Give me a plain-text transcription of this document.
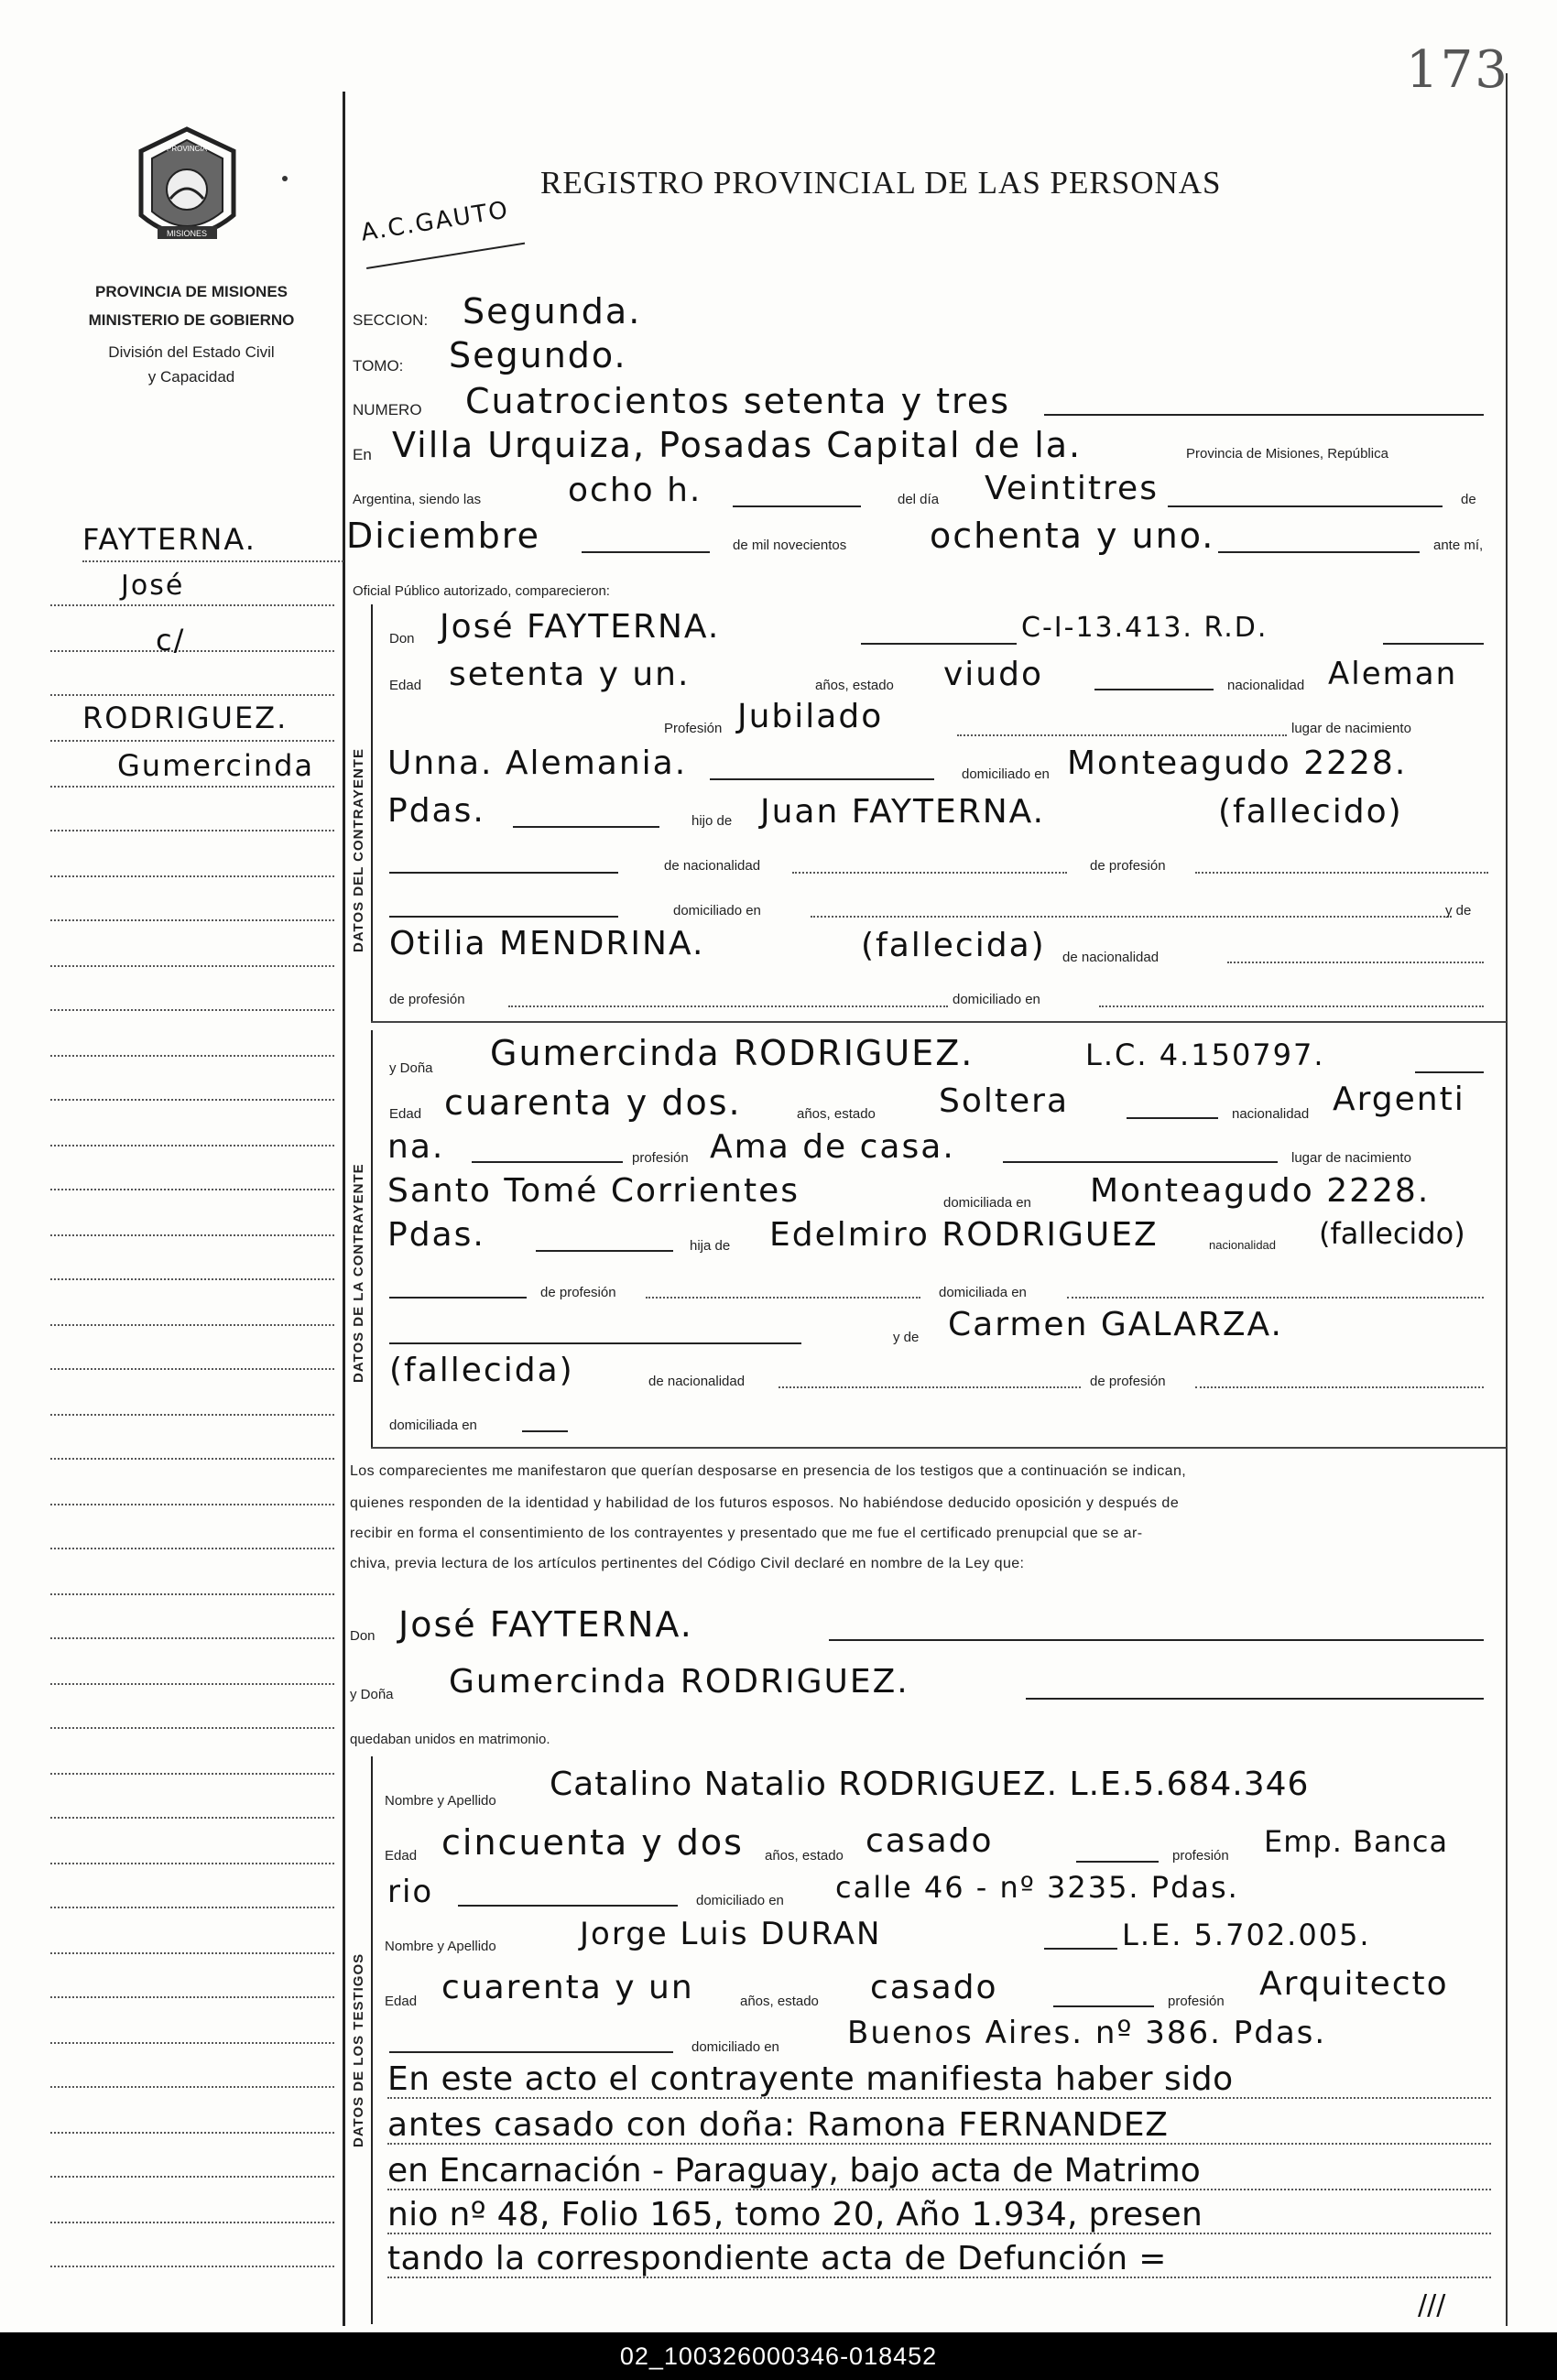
173
PROVINCIA
MISIONES
PROVINCIA DE MISIONES
MINISTERIO DE GOBIERNO
División del Estado Civil
y Capacidad
REGISTRO PROVINCIAL DE LAS PERSONAS
A.C.GAUTO
FAYTERNA.
José
c/
RODRIGUEZ.
Gumercinda
SECCION: Segunda.
TOMO: Segundo.
NUMERO Cuatrocientos setenta y tres
En Villa Urquiza, Posadas Capital de la.	Provincia de Misiones, República
Argentina, siendo las	ocho h.	del día Veintitres	de
Diciembre	de mil novecientos ochenta y uno.	ante mí,
Oficial Público autorizado, comparecieron:
DATOS DEL CONTRAYENTE
Don José FAYTERNA.	C-I-13.413. R.D.
Edad setenta y un.	años, estado viudo	nacionalidad Aleman
Profesión Jubilado	lugar de nacimiento
Unna. Alemania.	domiciliado en Monteagudo 2228.
Pdas.	hijo de Juan FAYTERNA.	(fallecido)
de nacionalidad	de profesión
domiciliado en	y de
Otilia MENDRINA.	(fallecida) de nacionalidad
de profesión	domiciliado en
DATOS DE LA CONTRAYENTE
y Doña Gumercinda RODRIGUEZ.	L.C. 4.150797.
Edad cuarenta y dos.	años, estado Soltera	nacionalidad Argenti
na.	profesión Ama de casa.	lugar de nacimiento
Santo Tomé Corrientes	domiciliada en Monteagudo 2228.
Pdas.	hija de Edelmiro RODRIGUEZ	nacionalidad (fallecido)
de profesión	domiciliada en
y de Carmen GALARZA.
(fallecida)	de nacionalidad	de profesión
domiciliada en
Los comparecientes me manifestaron que querían desposarse en presencia de los testigos que a continuación se indican,
quienes responden de la identidad y habilidad de los futuros esposos. No habiéndose deducido oposición y después de
recibir en forma el consentimiento de los contrayentes y presentado que me fue el certificado prenupcial que se ar-
chiva, previa lectura de los artículos pertinentes del Código Civil declaré en nombre de la Ley que:
Don José FAYTERNA.
y Doña Gumercinda RODRIGUEZ.
quedaban unidos en matrimonio.
DATOS DE LOS TESTIGOS
Nombre y Apellido Catalino Natalio RODRIGUEZ. L.E.5.684.346
Edad cincuenta y dos años, estado casado	profesión Emp. Banca
rio	domiciliado en calle 46 - nº 3235. Pdas.
Nombre y Apellido	Jorge Luis DURAN	L.E. 5.702.005.
Edad cuarenta y un	años, estado casado	profesión Arquitecto
domiciliado en Buenos Aires. nº 386. Pdas.
En este acto el contrayente manifiesta haber sido
antes casado con doña: Ramona FERNANDEZ
en Encarnación - Paraguay, bajo acta de Matrimo
nio nº 48, Folio 165, tomo 20, Año 1.934, presen
tando la correspondiente acta de Defunción =
///
02_100326000346-018452
